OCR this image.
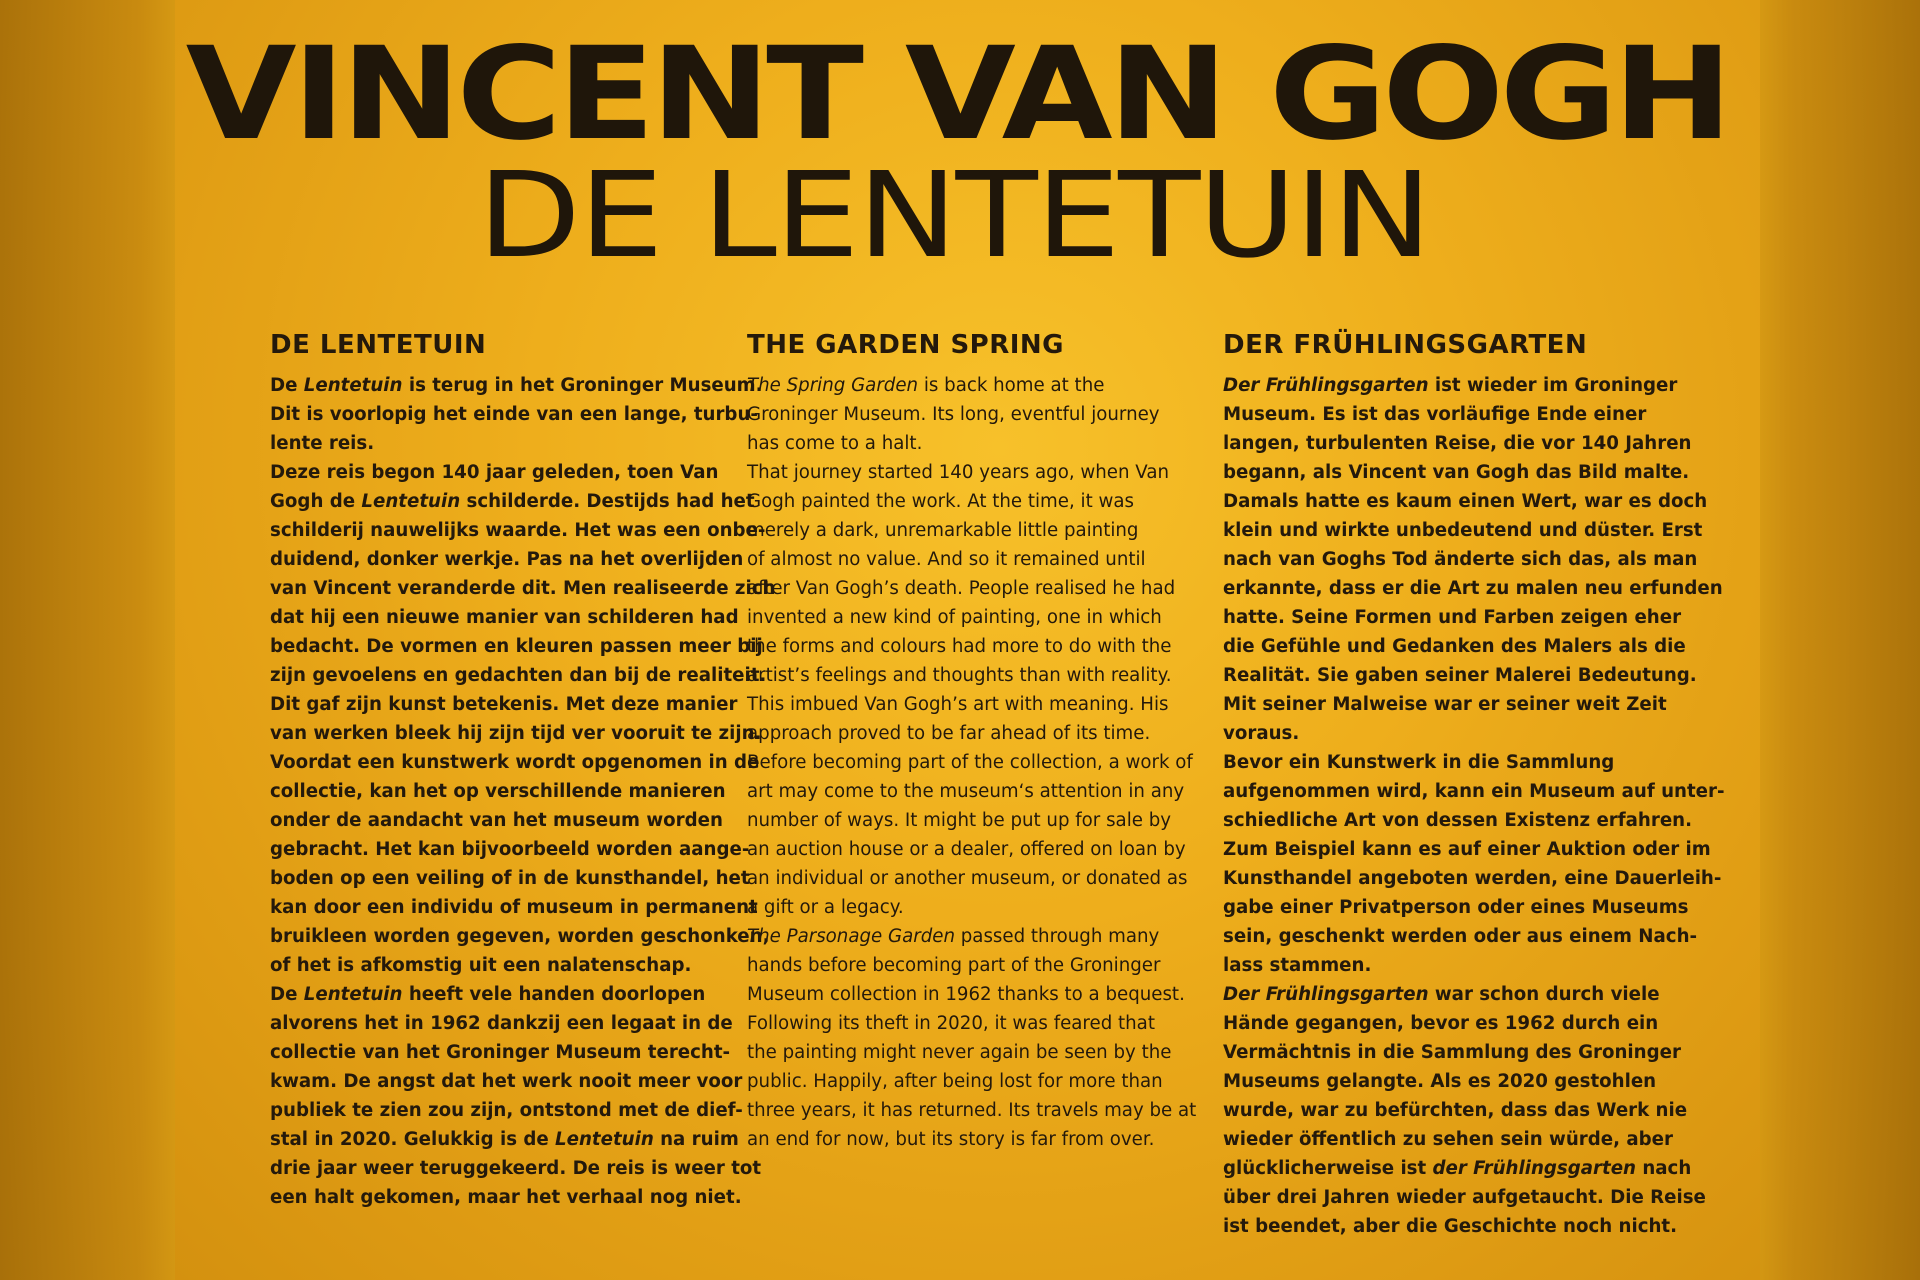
VINCENT VAN GOGH
DE LENTETUIN
DE LENTETUIN

De Lentetuin is terug in het Groninger Museum.

Dit is voorlopig het einde van een lange, turbu-

lente reis.

Deze reis begon 140 jaar geleden, toen Van

Gogh de Lentetuin schilderde. Destijds had het

schilderij nauwelijks waarde. Het was een onbe-

duidend, donker werkje. Pas na het overlijden

van Vincent veranderde dit. Men realiseerde zich

dat hij een nieuwe manier van schilderen had

bedacht. De vormen en kleuren passen meer bij

zijn gevoelens en gedachten dan bij de realiteit.

Dit gaf zijn kunst betekenis. Met deze manier

van werken bleek hij zijn tijd ver vooruit te zijn.

Voordat een kunstwerk wordt opgenomen in de

collectie, kan het op verschillende manieren

onder de aandacht van het museum worden

gebracht. Het kan bijvoorbeeld worden aange-

boden op een veiling of in de kunsthandel, het

kan door een individu of museum in permanent

bruikleen worden gegeven, worden geschonken,

of het is afkomstig uit een nalatenschap.

De Lentetuin heeft vele handen doorlopen

alvorens het in 1962 dankzij een legaat in de

collectie van het Groninger Museum terecht-

kwam. De angst dat het werk nooit meer voor

publiek te zien zou zijn, ontstond met de dief-

stal in 2020. Gelukkig is de Lentetuin na ruim

drie jaar weer teruggekeerd. De reis is weer tot

een halt gekomen, maar het verhaal nog niet.

THE GARDEN SPRING

The Spring Garden is back home at the

Groninger Museum. Its long, eventful journey

has come to a halt.

That journey started 140 years ago, when Van

Gogh painted the work. At the time, it was

merely a dark, unremarkable little painting

of almost no value. And so it remained until

after Van Gogh’s death. People realised he had

invented a new kind of painting, one in which

the forms and colours had more to do with the

artist’s feelings and thoughts than with reality.

This imbued Van Gogh’s art with meaning. His

approach proved to be far ahead of its time.

Before becoming part of the collection, a work of

art may come to the museum‘s attention in any

number of ways. It might be put up for sale by

an auction house or a dealer, offered on loan by

an individual or another museum, or donated as

a gift or a legacy.

The Parsonage Garden passed through many

hands before becoming part of the Groninger

Museum collection in 1962 thanks to a bequest.

Following its theft in 2020, it was feared that

the painting might never again be seen by the

public. Happily, after being lost for more than

three years, it has returned. Its travels may be at

an end for now, but its story is far from over.

DER FRÜHLINGSGARTEN

Der Frühlingsgarten ist wieder im Groninger

Museum. Es ist das vorläufige Ende einer

langen, turbulenten Reise, die vor 140 Jahren

begann, als Vincent van Gogh das Bild malte.

Damals hatte es kaum einen Wert, war es doch

klein und wirkte unbedeutend und düster. Erst

nach van Goghs Tod änderte sich das, als man

erkannte, dass er die Art zu malen neu erfunden

hatte. Seine Formen und Farben zeigen eher

die Gefühle und Gedanken des Malers als die

Realität. Sie gaben seiner Malerei Bedeutung.

Mit seiner Malweise war er seiner weit Zeit

voraus.

Bevor ein Kunstwerk in die Sammlung

aufgenommen wird, kann ein Museum auf unter-

schiedliche Art von dessen Existenz erfahren.

Zum Beispiel kann es auf einer Auktion oder im

Kunsthandel angeboten werden, eine Dauerleih-

gabe einer Privatperson oder eines Museums

sein, geschenkt werden oder aus einem Nach-

lass stammen.

Der Frühlingsgarten war schon durch viele

Hände gegangen, bevor es 1962 durch ein

Vermächtnis in die Sammlung des Groninger

Museums gelangte. Als es 2020 gestohlen

wurde, war zu befürchten, dass das Werk nie

wieder öffentlich zu sehen sein würde, aber

glücklicherweise ist der Frühlingsgarten nach

über drei Jahren wieder aufgetaucht. Die Reise

ist beendet, aber die Geschichte noch nicht.
